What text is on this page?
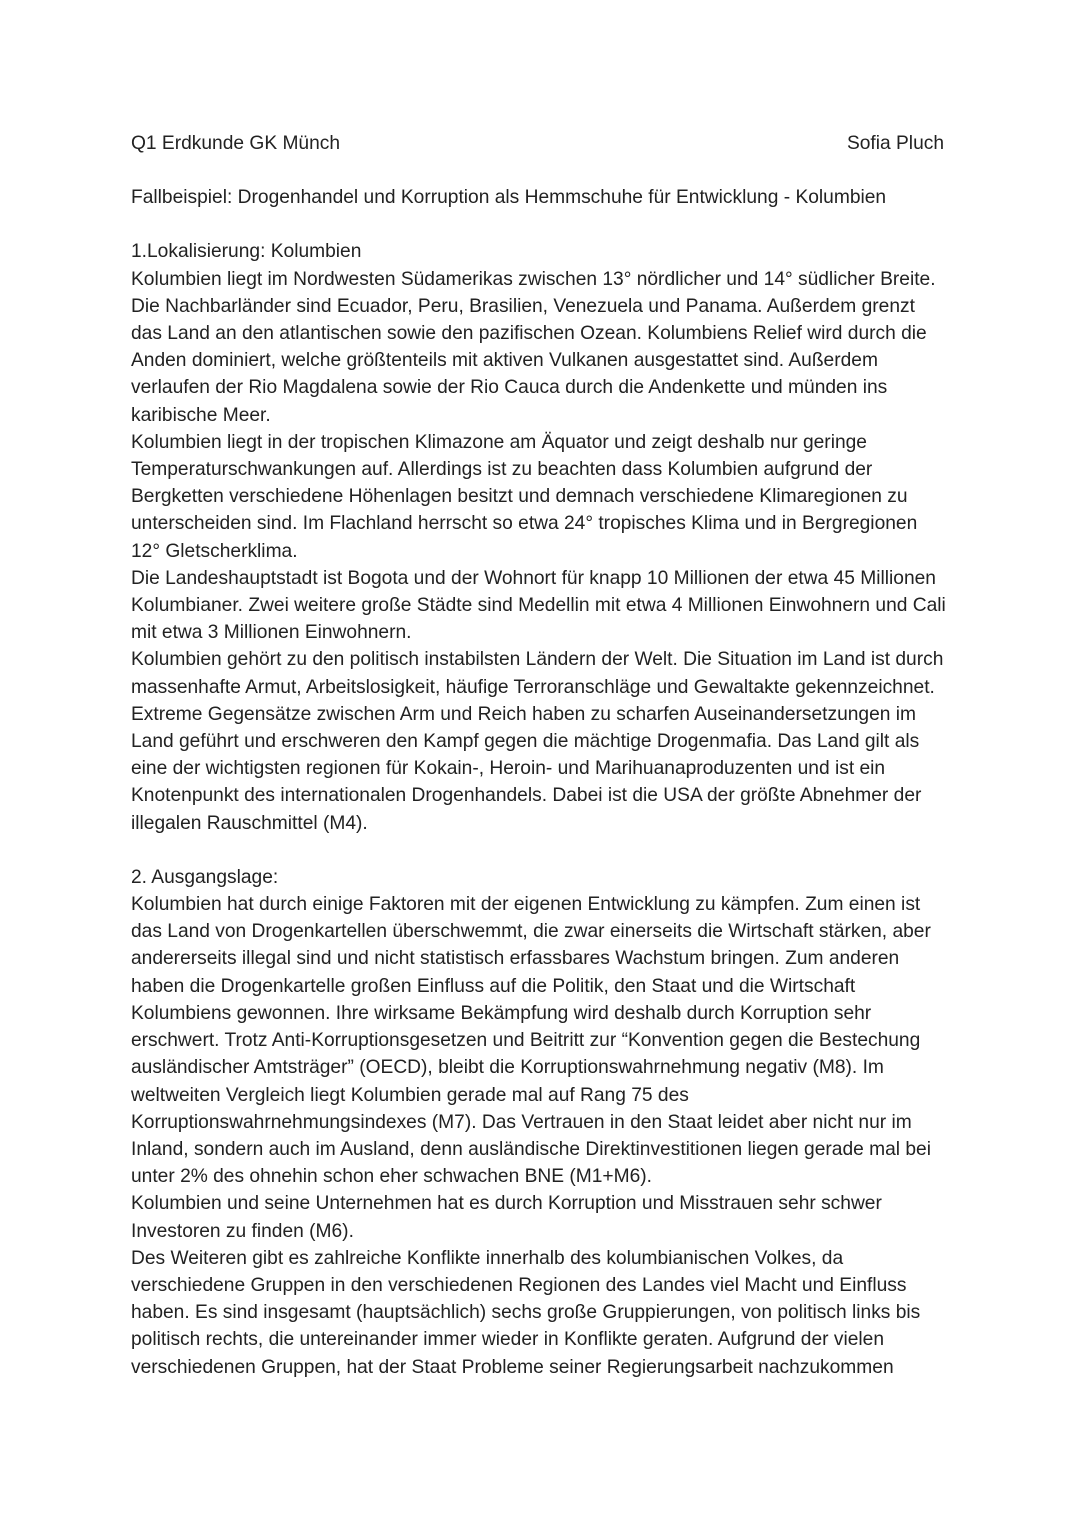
Q1 Erdkunde GK Münch	Sofia Pluch
Fallbeispiel: Drogenhandel und Korruption als Hemmschuhe für Entwicklung - Kolumbien

1.Lokalisierung: Kolumbien

Kolumbien liegt im Nordwesten Südamerikas zwischen 13° nördlicher und 14° südlicher Breite. Die Nachbarländer sind Ecuador, Peru, Brasilien, Venezuela und Panama. Außerdem grenzt das Land an den atlantischen sowie den pazifischen Ozean. Kolumbiens Relief wird durch die Anden dominiert, welche größtenteils mit aktiven Vulkanen ausgestattet sind. Außerdem verlaufen der Rio Magdalena sowie der Rio Cauca durch die Andenkette und münden ins karibische Meer.

Kolumbien liegt in der tropischen Klimazone am Äquator und zeigt deshalb nur geringe Temperaturschwankungen auf. Allerdings ist zu beachten dass Kolumbien aufgrund der Bergketten verschiedene Höhenlagen besitzt und demnach verschiedene Klimaregionen zu unterscheiden sind. Im Flachland herrscht so etwa 24° tropisches Klima und in Bergregionen 12° Gletscherklima.

Die Landeshauptstadt ist Bogota und der Wohnort für knapp 10 Millionen der etwa 45 Millionen Kolumbianer. Zwei weitere große Städte sind Medellin mit etwa 4 Millionen Einwohnern und Cali mit etwa 3 Millionen Einwohnern.

Kolumbien gehört zu den politisch instabilsten Ländern der Welt. Die Situation im Land ist durch massenhafte Armut, Arbeitslosigkeit, häufige Terroranschläge und Gewaltakte gekennzeichnet. Extreme Gegensätze zwischen Arm und Reich haben zu scharfen Auseinandersetzungen im Land geführt und erschweren den Kampf gegen die mächtige Drogenmafia. Das Land gilt als eine der wichtigsten regionen für Kokain-, Heroin- und Marihuanaproduzenten und ist ein Knotenpunkt des internationalen Drogenhandels. Dabei ist die USA der größte Abnehmer der illegalen Rauschmittel (M4).

2. Ausgangslage:

Kolumbien hat durch einige Faktoren mit der eigenen Entwicklung zu kämpfen. Zum einen ist das Land von Drogenkartellen überschwemmt, die zwar einerseits die Wirtschaft stärken, aber andererseits illegal sind und nicht statistisch erfassbares Wachstum bringen. Zum anderen haben die Drogenkartelle großen Einfluss auf die Politik, den Staat und die Wirtschaft Kolumbiens gewonnen. Ihre wirksame Bekämpfung wird deshalb durch Korruption sehr erschwert. Trotz Anti-Korruptionsgesetzen und Beitritt zur “Konvention gegen die Bestechung ausländischer Amtsträger” (OECD), bleibt die Korruptionswahrnehmung negativ (M8). Im weltweiten Vergleich liegt Kolumbien gerade mal auf Rang 75 des Korruptionswahrnehmungsindexes (M7). Das Vertrauen in den Staat leidet aber nicht nur im Inland, sondern auch im Ausland, denn ausländische Direktinvestitionen liegen gerade mal bei unter 2% des ohnehin schon eher schwachen BNE (M1+M6).

Kolumbien und seine Unternehmen hat es durch Korruption und Misstrauen sehr schwer Investoren zu finden (M6).

Des Weiteren gibt es zahlreiche Konflikte innerhalb des kolumbianischen Volkes, da verschiedene Gruppen in den verschiedenen Regionen des Landes viel Macht und Einfluss haben. Es sind insgesamt (hauptsächlich) sechs große Gruppierungen, von politisch links bis politisch rechts, die untereinander immer wieder in Konflikte geraten. Aufgrund der vielen verschiedenen Gruppen, hat der Staat Probleme seiner Regierungsarbeit nachzukommen
